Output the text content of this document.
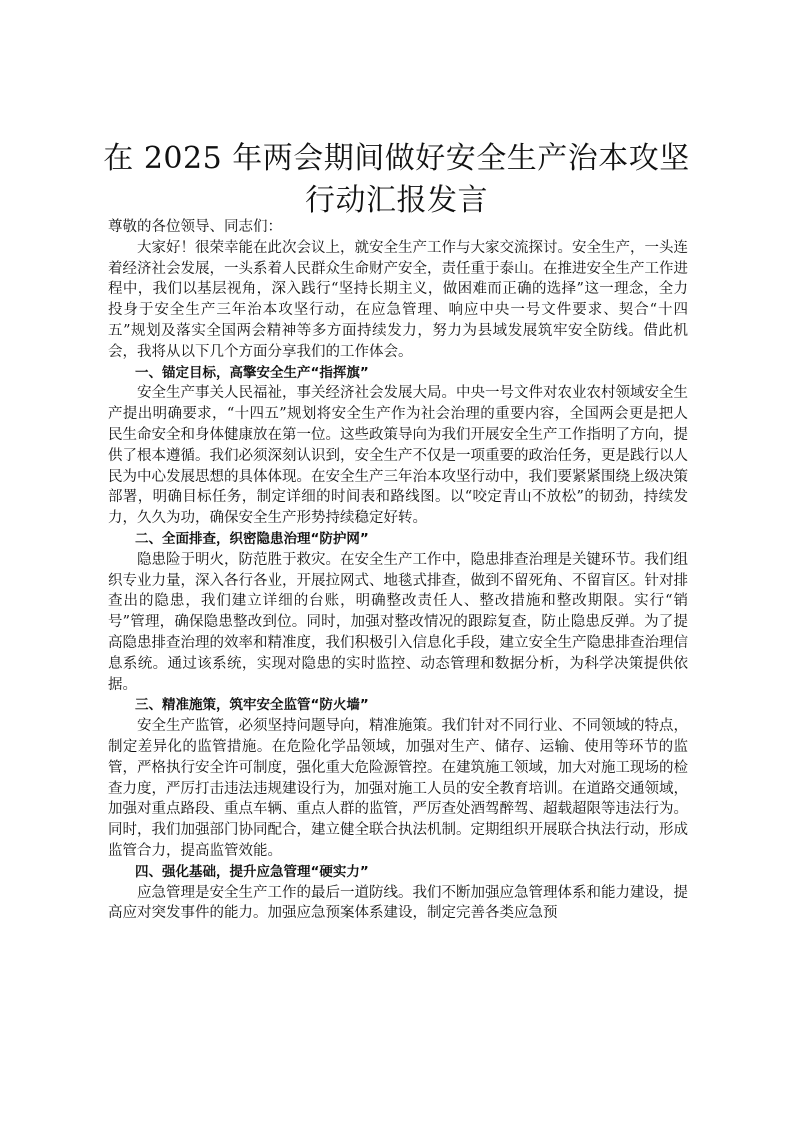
在 2025 年两会期间做好安全生产治本攻坚行动汇报发言

尊敬的各位领导、同志们：

大家好！很荣幸能在此次会议上，就安全生产工作与大家交流探讨。安全生产，一头连着经济社会发展，一头系着人民群众生命财产安全，责任重于泰山。在推进安全生产工作进程中，我们以基层视角，深入践行“坚持长期主义，做困难而正确的选择”这一理念，全力投身于安全生产三年治本攻坚行动，在应急管理、响应中央一号文件要求、契合“十四五”规划及落实全国两会精神等多方面持续发力，努力为县域发展筑牢安全防线。借此机会，我将从以下几个方面分享我们的工作体会。

一、锚定目标，高擎安全生产“指挥旗”

安全生产事关人民福祉，事关经济社会发展大局。中央一号文件对农业农村领域安全生产提出明确要求，“十四五”规划将安全生产作为社会治理的重要内容，全国两会更是把人民生命安全和身体健康放在第一位。这些政策导向为我们开展安全生产工作指明了方向，提供了根本遵循。我们必须深刻认识到，安全生产不仅是一项重要的政治任务，更是践行以人民为中心发展思想的具体体现。在安全生产三年治本攻坚行动中，我们要紧紧围绕上级决策部署，明确目标任务，制定详细的时间表和路线图。以“咬定青山不放松”的韧劲，持续发力，久久为功，确保安全生产形势持续稳定好转。

二、全面排查，织密隐患治理“防护网”

隐患险于明火，防范胜于救灾。在安全生产工作中，隐患排查治理是关键环节。我们组织专业力量，深入各行各业，开展拉网式、地毯式排查，做到不留死角、不留盲区。针对排查出的隐患，我们建立详细的台账，明确整改责任人、整改措施和整改期限。实行“销号”管理，确保隐患整改到位。同时，加强对整改情况的跟踪复查，防止隐患反弹。为了提高隐患排查治理的效率和精准度，我们积极引入信息化手段，建立安全生产隐患排查治理信息系统。通过该系统，实现对隐患的实时监控、动态管理和数据分析，为科学决策提供依据。

三、精准施策，筑牢安全监管“防火墙”

安全生产监管，必须坚持问题导向，精准施策。我们针对不同行业、不同领域的特点，制定差异化的监管措施。在危险化学品领域，加强对生产、储存、运输、使用等环节的监管，严格执行安全许可制度，强化重大危险源管控。在建筑施工领域，加大对施工现场的检查力度，严厉打击违法违规建设行为，加强对施工人员的安全教育培训。在道路交通领域，加强对重点路段、重点车辆、重点人群的监管，严厉查处酒驾醉驾、超载超限等违法行为。同时，我们加强部门协同配合，建立健全联合执法机制。定期组织开展联合执法行动，形成监管合力，提高监管效能。

四、强化基础，提升应急管理“硬实力”

应急管理是安全生产工作的最后一道防线。我们不断加强应急管理体系和能力建设，提高应对突发事件的能力。加强应急预案体系建设，制定完善各类应急预
